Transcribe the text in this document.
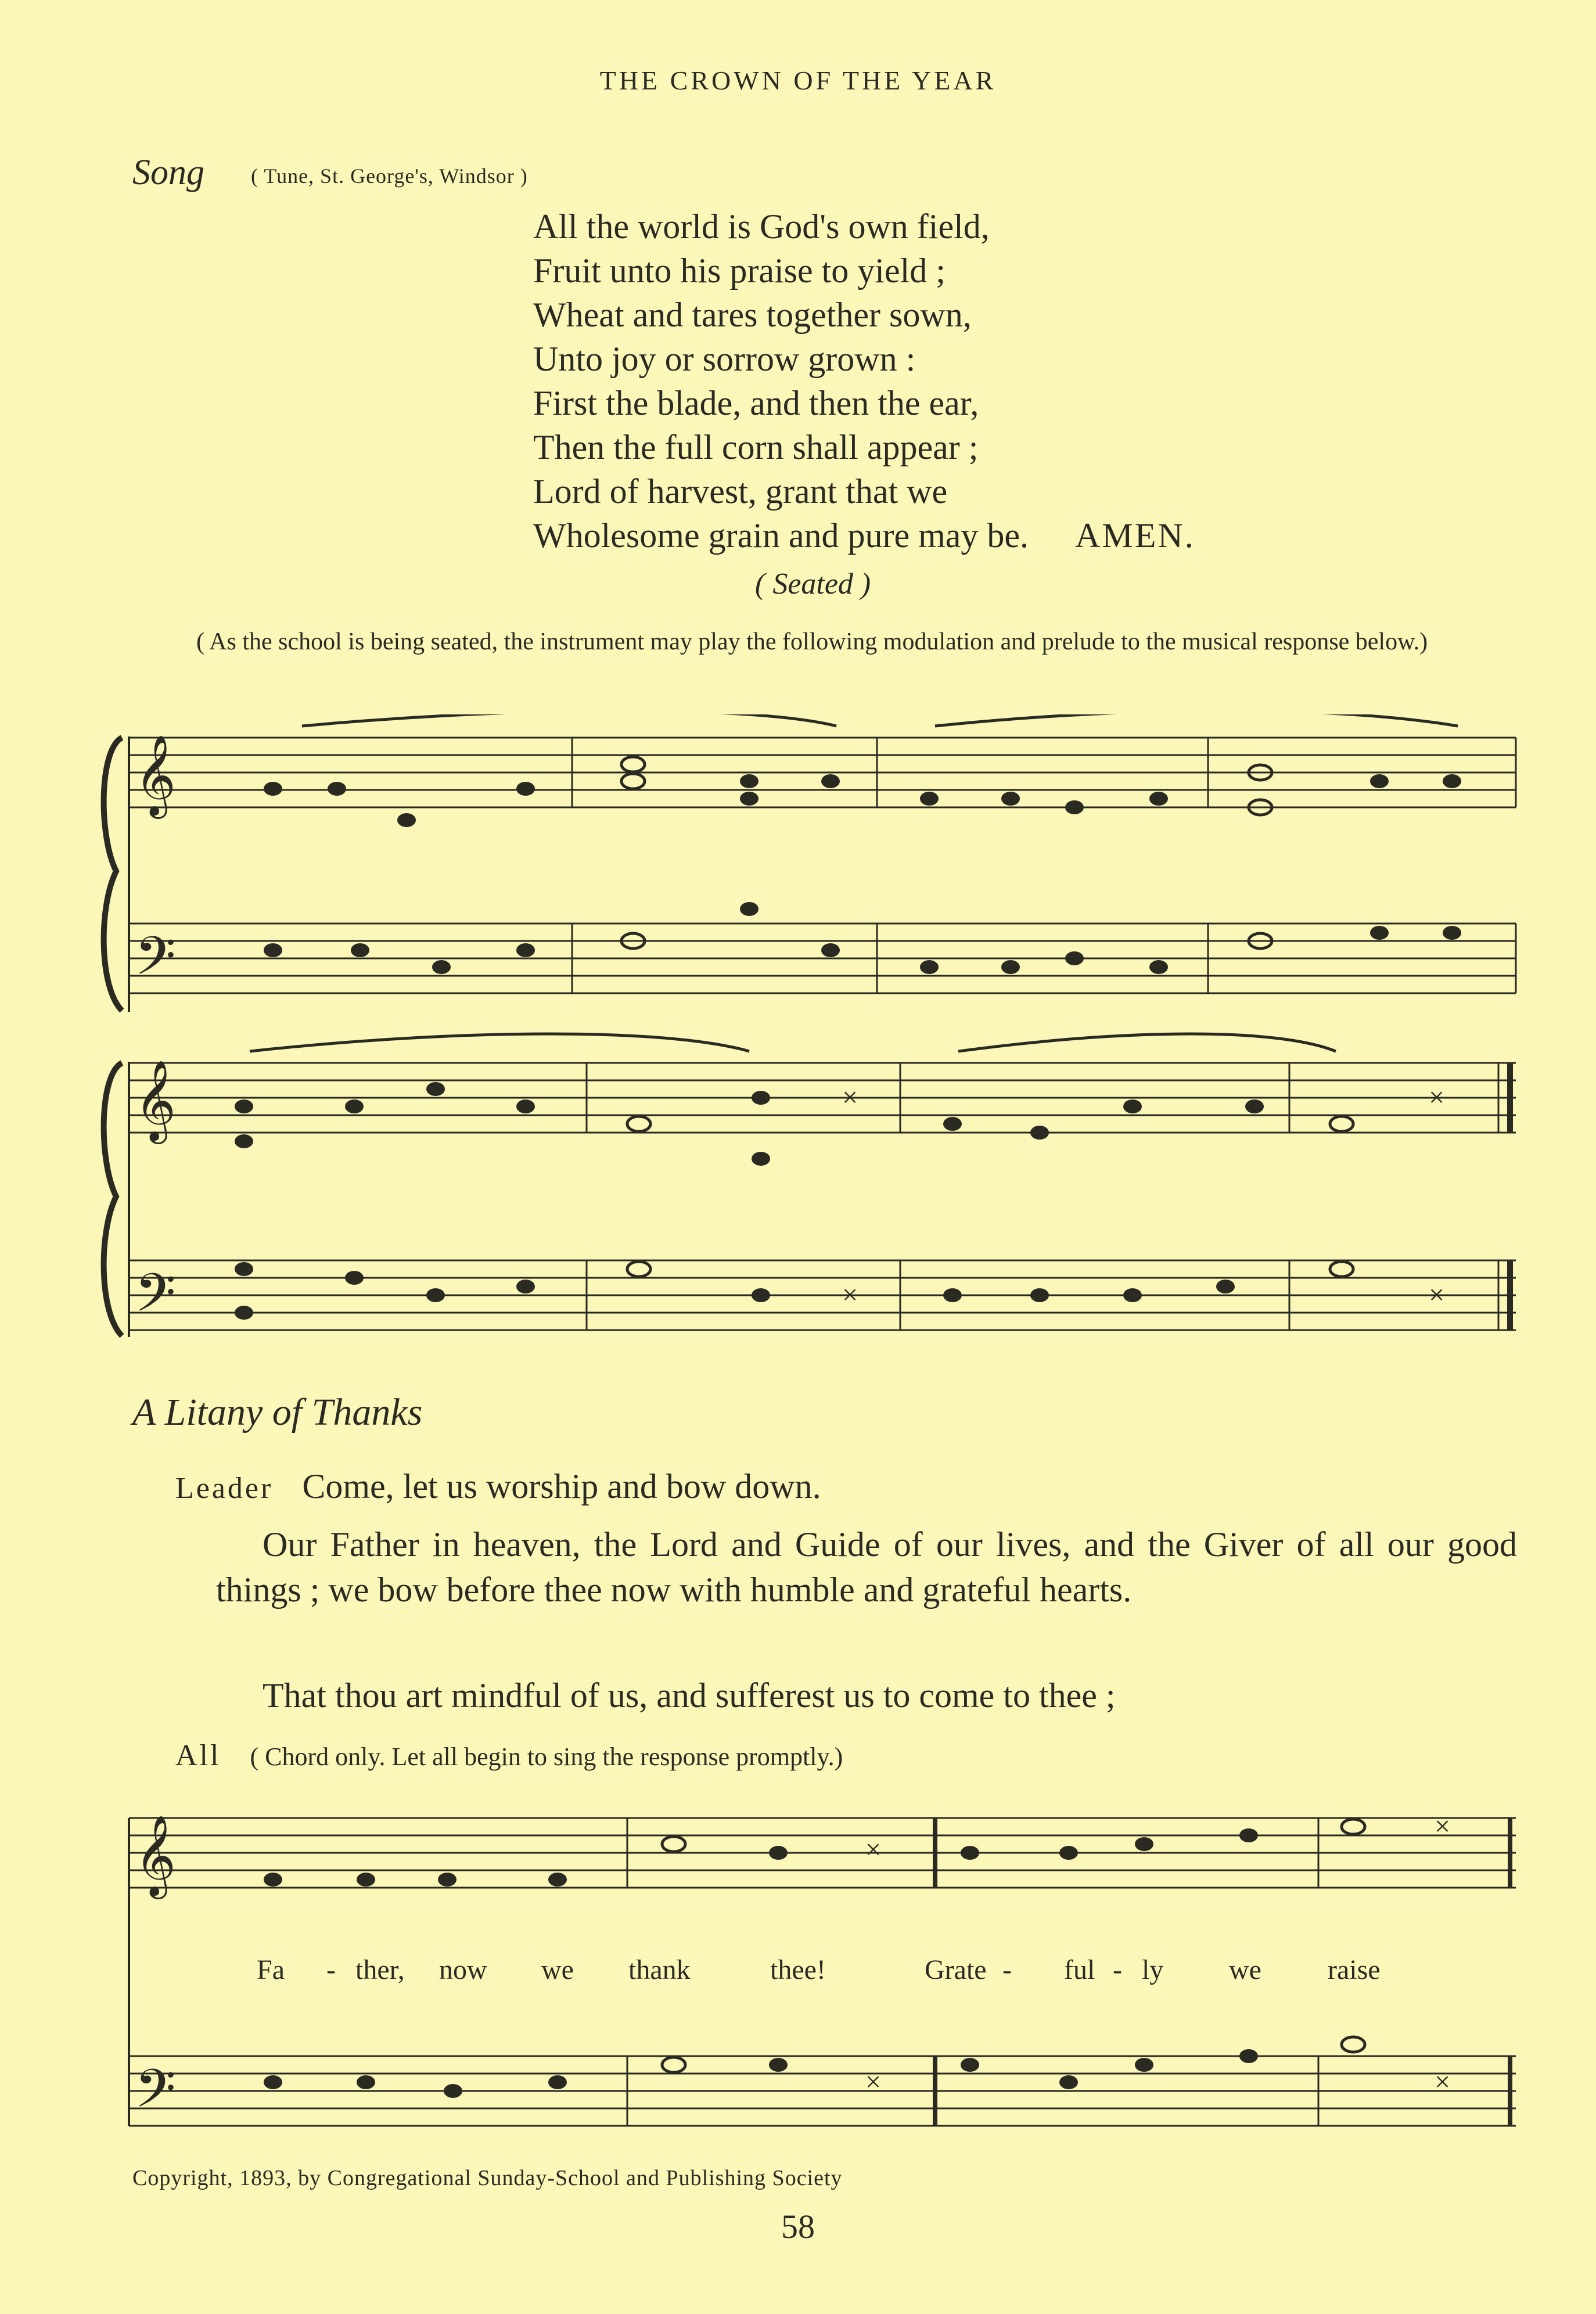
THE CROWN OF THE YEAR
Song ( Tune, St. George's, Windsor )
All the world is God's own field,
Fruit unto his praise to yield ;
Wheat and tares together sown,
Unto joy or sorrow grown :
First the blade, and then the ear,
Then the full corn shall appear ;
Lord of harvest, grant that we
Wholesome grain and pure may be. AMEN.
( Seated )
( As the school is being seated, the instrument may play the following modulation and prelude to the musical response below.)
𝄞
𝄢
𝄞
𝄢
×	×
×	×
A Litany of Thanks
Leader Come, let us worship and bow down.
Our Father in heaven, the Lord and Guide of our lives, and the Giver of all our good things ; we bow before thee now with humble and grateful hearts.
That thou art mindful of us, and sufferest us to come to thee ;
All ( Chord only. Let all begin to sing the response promptly.)
𝄞
𝄢
×
×
×	×
Fa - ther, now we thank	thee!	Grate - ful - ly we raise
Copyright, 1893, by Congregational Sunday-School and Publishing Society
58
